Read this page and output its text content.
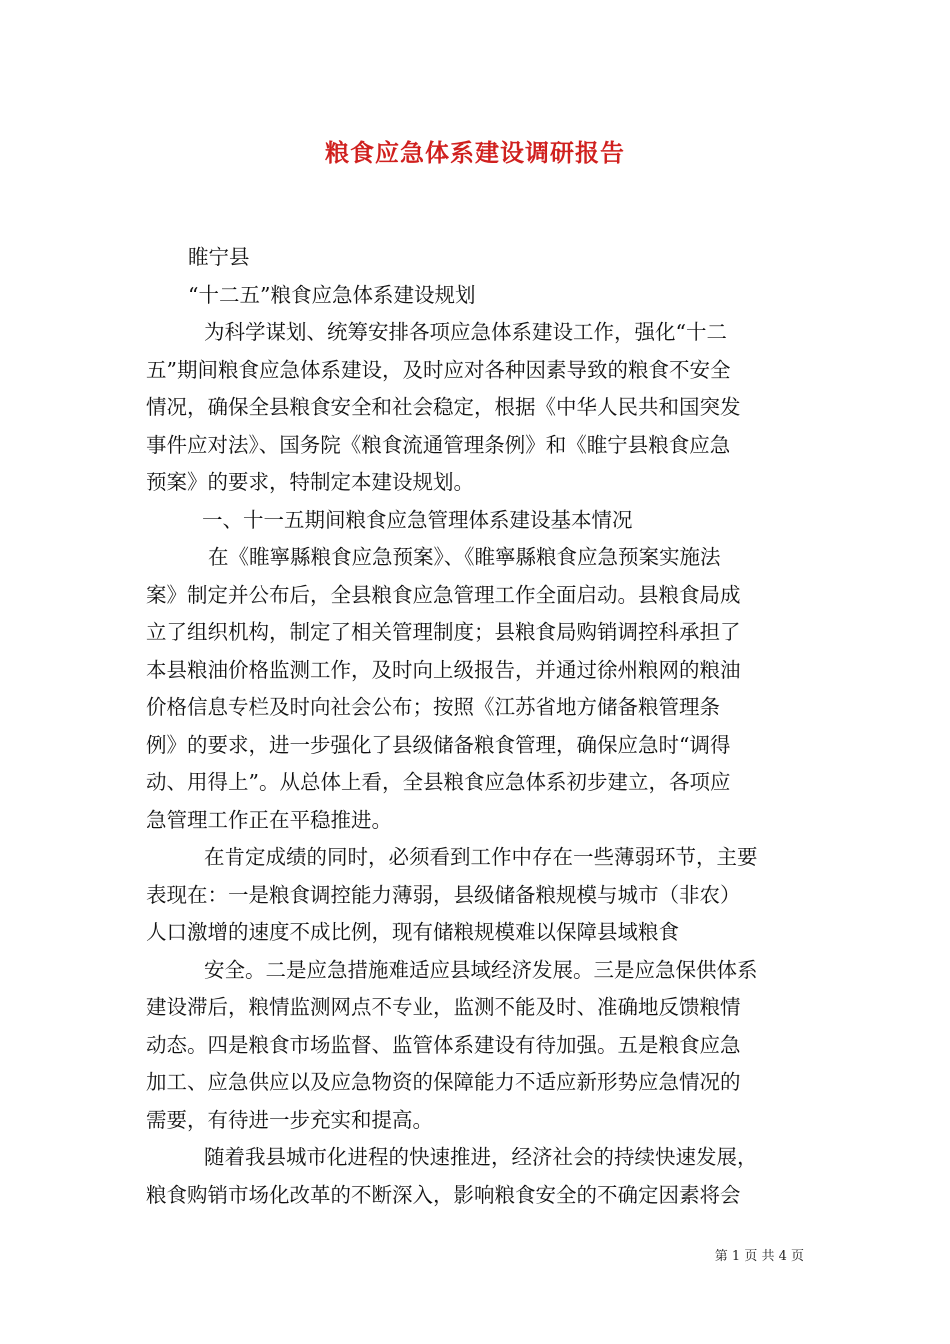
粮食应急体系建设调研报告
睢宁县
“十二五”粮食应急体系建设规划
为科学谋划、统筹安排各项应急体系建设工作，强化“十二
五”期间粮食应急体系建设，及时应对各种因素导致的粮食不安全
情况，确保全县粮食安全和社会稳定，根据《中华人民共和国突发
事件应对法》、国务院《粮食流通管理条例》和《睢宁县粮食应急
预案》的要求，特制定本建设规划。
一、十一五期间粮食应急管理体系建设基本情况
在《睢寧縣粮食应急预案》、《睢寧縣粮食应急预案实施法
案》制定并公布后，全县粮食应急管理工作全面启动。县粮食局成
立了组织机构，制定了相关管理制度；县粮食局购销调控科承担了
本县粮油价格监测工作，及时向上级报告，并通过徐州粮网的粮油
价格信息专栏及时向社会公布；按照《江苏省地方储备粮管理条
例》的要求，进一步强化了县级储备粮食管理，确保应急时“调得
动、用得上”。从总体上看，全县粮食应急体系初步建立，各项应
急管理工作正在平稳推进。
在肯定成绩的同时，必须看到工作中存在一些薄弱环节，主要
表现在：一是粮食调控能力薄弱，县级储备粮规模与城市（非农）
人口激增的速度不成比例，现有储粮规模难以保障县域粮食
安全。二是应急措施难适应县域经济发展。三是应急保供体系
建设滞后，粮情监测网点不专业，监测不能及时、准确地反馈粮情
动态。四是粮食市场监督、监管体系建设有待加强。五是粮食应急
加工、应急供应以及应急物资的保障能力不适应新形势应急情况的
需要，有待进一步充实和提高。
随着我县城市化进程的快速推进，经济社会的持续快速发展，
粮食购销市场化改革的不断深入，影响粮食安全的不确定因素将会
第 1 页 共 4 页
